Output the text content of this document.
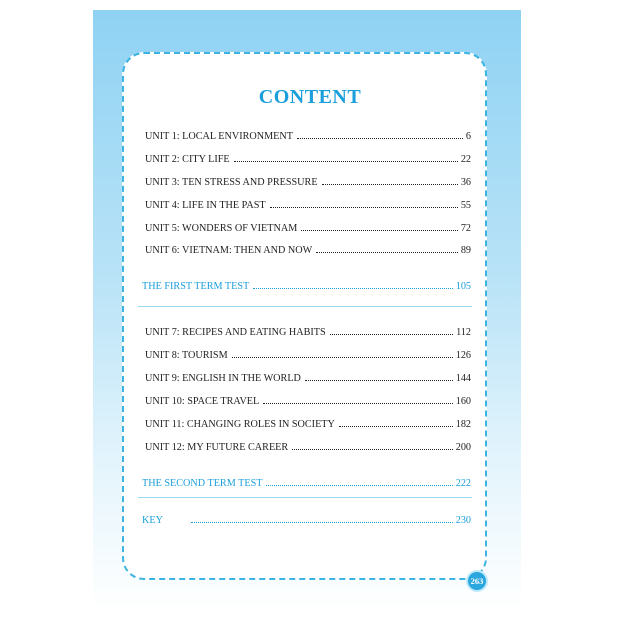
CONTENT
UNIT 1: LOCAL ENVIRONMENT	6
UNIT 2: CITY LIFE	22
UNIT 3: TEN STRESS AND PRESSURE	36
UNIT 4: LIFE IN THE PAST	55
UNIT 5: WONDERS OF VIETNAM	72
UNIT 6: VIETNAM: THEN AND NOW	89
THE FIRST TERM TEST	105
UNIT 7: RECIPES AND EATING HABITS	112
UNIT 8: TOURISM	126
UNIT 9: ENGLISH IN THE WORLD	144
UNIT 10: SPACE TRAVEL	160
UNIT 11: CHANGING ROLES IN SOCIETY	182
UNIT 12: MY FUTURE CAREER	200
THE SECOND TERM TEST	222
KEY	230
263
